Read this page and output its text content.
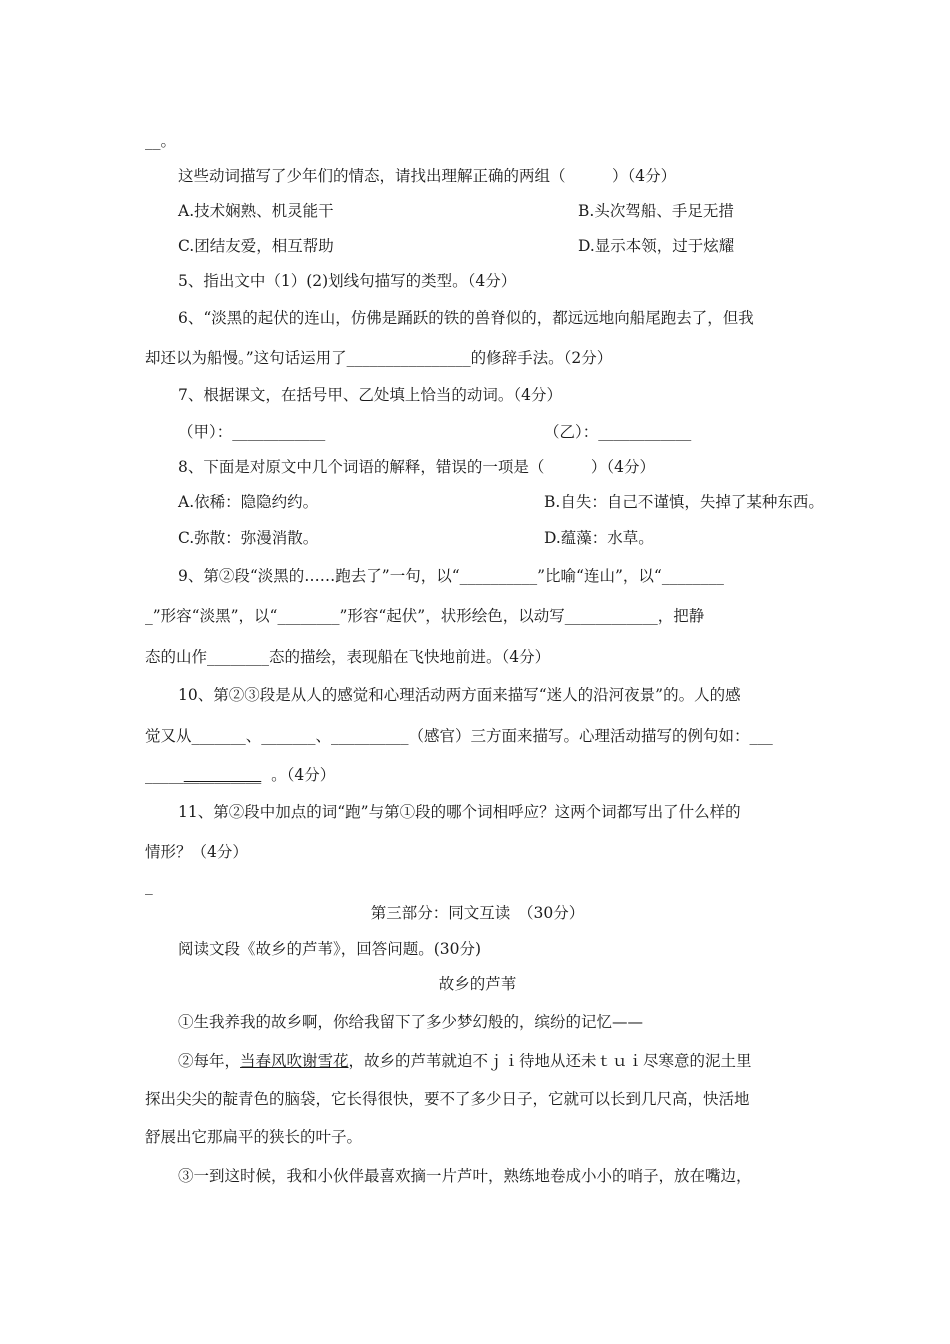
__。
这些动词描写了少年们的情态，请找出理解正确的两组（　　　）（4分）
A.技术娴熟、机灵能干	B.头次驾船、手足无措
C.团结友爱，相互帮助	D.显示本领，过于炫耀
5、指出文中（1）(2)划线句描写的类型。（4分）
6、“淡黑的起伏的连山，仿佛是踊跃的铁的兽脊似的，都远远地向船尾跑去了，但我
却还以为船慢。”这句话运用了________________的修辞手法。（2分）
7、根据课文，在括号甲、乙处填上恰当的动词。（4分）
（甲）：____________	（乙）：____________
8、下面是对原文中几个词语的解释，错误的一项是（　　　）（4分）
A.依稀：隐隐约约。	B.自失：自己不谨慎，失掉了某种东西。
C.弥散：弥漫消散。	D.蕴藻：水草。
9、第②段“淡黑的……跑去了”一句，以“__________”比喻“连山”，以“________
_”形容“淡黑”，以“________”形容“起伏”，状形绘色，以动写____________，把静
态的山作________态的描绘，表现船在飞快地前进。（4分）
10、第②③段是从人的感觉和心理活动两方面来描写“迷人的沿河夜景”的。人的感
觉又从_______、_______、__________（感官）三方面来描写。心理活动描写的例句如：___
_______________ 。（4分）
11、第②段中加点的词“跑”与第①段的哪个词相呼应？这两个词都写出了什么样的
情形？（4分）
_
第三部分：同文互读　（30分）
阅读文段《故乡的芦苇》，回答问题。(30分)
故乡的芦苇
①生我养我的故乡啊，你给我留下了多少梦幻般的，缤纷的记忆——
②每年，当春风吹谢雪花，故乡的芦苇就迫不ｊｉ待地从还未ｔｕｉ尽寒意的泥土里
探出尖尖的靛青色的脑袋，它长得很快，要不了多少日子，它就可以长到几尺高，快活地
舒展出它那扁平的狭长的叶子。
③一到这时候，我和小伙伴最喜欢摘一片芦叶，熟练地卷成小小的哨子，放在嘴边，
